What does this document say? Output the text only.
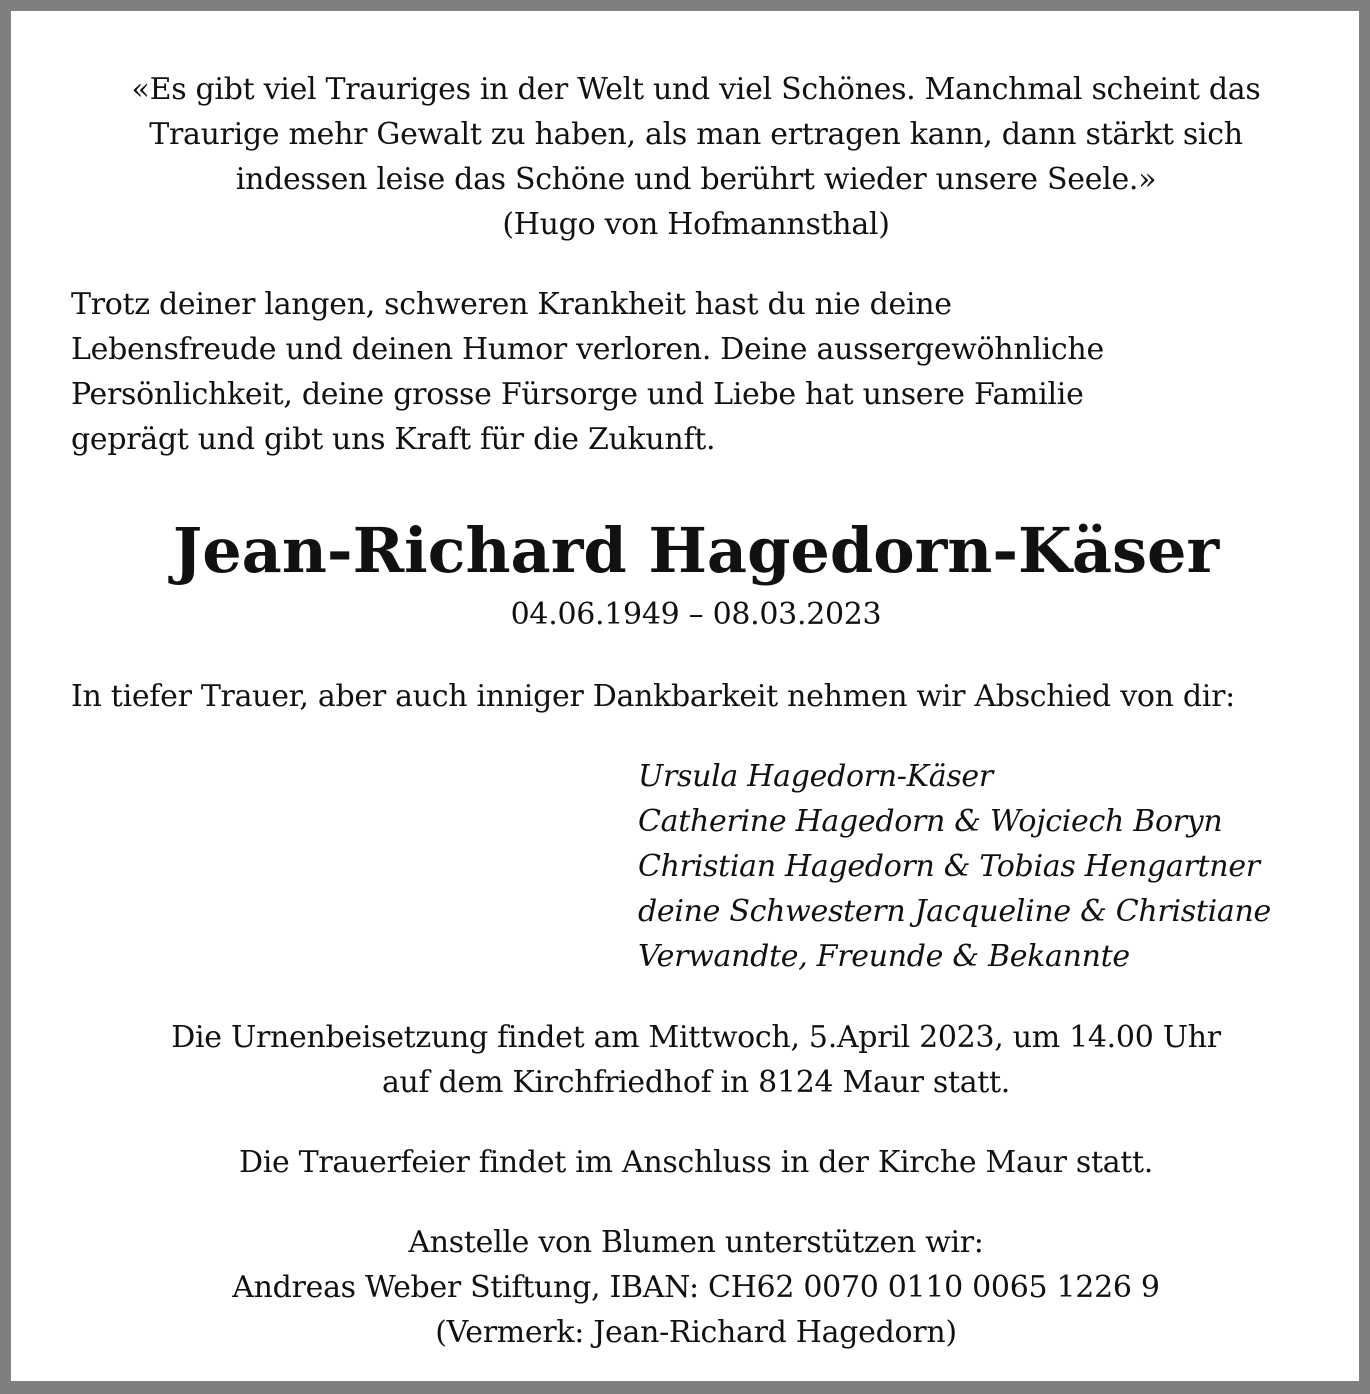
«Es gibt viel Trauriges in der Welt und viel Schönes. Manchmal scheint das
Traurige mehr Gewalt zu haben, als man ertragen kann, dann stärkt sich
indessen leise das Schöne und berührt wieder unsere Seele.»
(Hugo von Hofmannsthal)
Trotz deiner langen, schweren Krankheit hast du nie deine
Lebensfreude und deinen Humor verloren. Deine aussergewöhnliche
Persönlichkeit, deine grosse Fürsorge und Liebe hat unsere Familie
geprägt und gibt uns Kraft für die Zukunft.
Jean-Richard Hagedorn-Käser
04.06.1949 – 08.03.2023
In tiefer Trauer, aber auch inniger Dankbarkeit nehmen wir Abschied von dir:
Ursula Hagedorn-Käser
Catherine Hagedorn & Wojciech Boryn
Christian Hagedorn & Tobias Hengartner
deine Schwestern Jacqueline & Christiane
Verwandte, Freunde & Bekannte
Die Urnenbeisetzung findet am Mittwoch, 5.April 2023, um 14.00 Uhr
auf dem Kirchfriedhof in 8124 Maur statt.
Die Trauerfeier findet im Anschluss in der Kirche Maur statt.
Anstelle von Blumen unterstützen wir:
Andreas Weber Stiftung, IBAN: CH62 0070 0110 0065 1226 9
(Vermerk: Jean-Richard Hagedorn)
